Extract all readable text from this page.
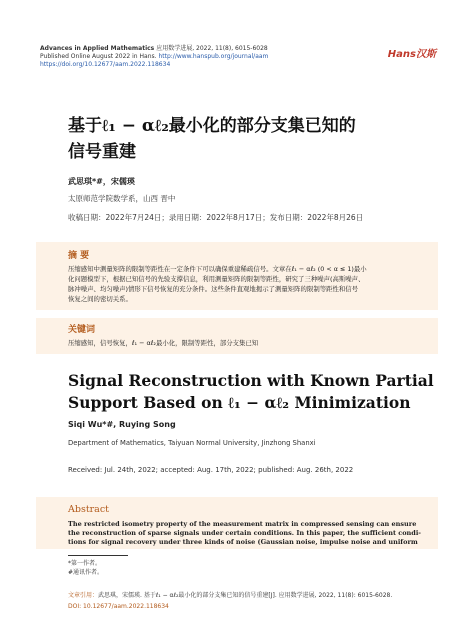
Advances in Applied Mathematics 应用数学进展, 2022, 11(8), 6015-6028
Published Online August 2022 in Hans. http://www.hanspub.org/journal/aam
https://doi.org/10.12677/aam.2022.118634
Hans汉斯
基于ℓ₁ − αℓ₂最小化的部分支集已知的
信号重建
武思琪*#，宋儒瑛
太原师范学院数学系，山西 晋中
收稿日期：2022年7月24日；录用日期：2022年8月17日；发布日期：2022年8月26日
摘 要
压缩感知中测量矩阵的限制等距性在一定条件下可以确保重建稀疏信号。文章在ℓ₁ − αℓ₂ (0 < α ≤ 1)最小
化问题模型下，根据已知信号的先验支撑信息，利用测量矩阵的限制等距性，研究了三种噪声(高斯噪声、
脉冲噪声、均匀噪声)情形下信号恢复的充分条件。这些条件直观地揭示了测量矩阵的限制等距性和信号
恢复之间的密切关系。
关键词
压缩感知，信号恢复，ℓ₁ − αℓ₂最小化，限制等距性，部分支集已知
Signal Reconstruction with Known Partial
Support Based on ℓ₁ − αℓ₂ Minimization
Siqi Wu*#, Ruying Song
Department of Mathematics, Taiyuan Normal University, Jinzhong Shanxi
Received: Jul. 24th, 2022; accepted: Aug. 17th, 2022; published: Aug. 26th, 2022
Abstract
The restricted isometry property of the measurement matrix in compressed sensing can ensure
the reconstruction of sparse signals under certain conditions. In this paper, the sufficient condi-
tions for signal recovery under three kinds of noise (Gaussian noise, impulse noise and uniform
*第一作者。
#通讯作者。
文章引用：武思琪，宋儒瑛. 基于ℓ₁ − αℓ₂最小化的部分支集已知的信号重建[J]. 应用数学进展, 2022, 11(8): 6015-6028.
DOI: 10.12677/aam.2022.118634
